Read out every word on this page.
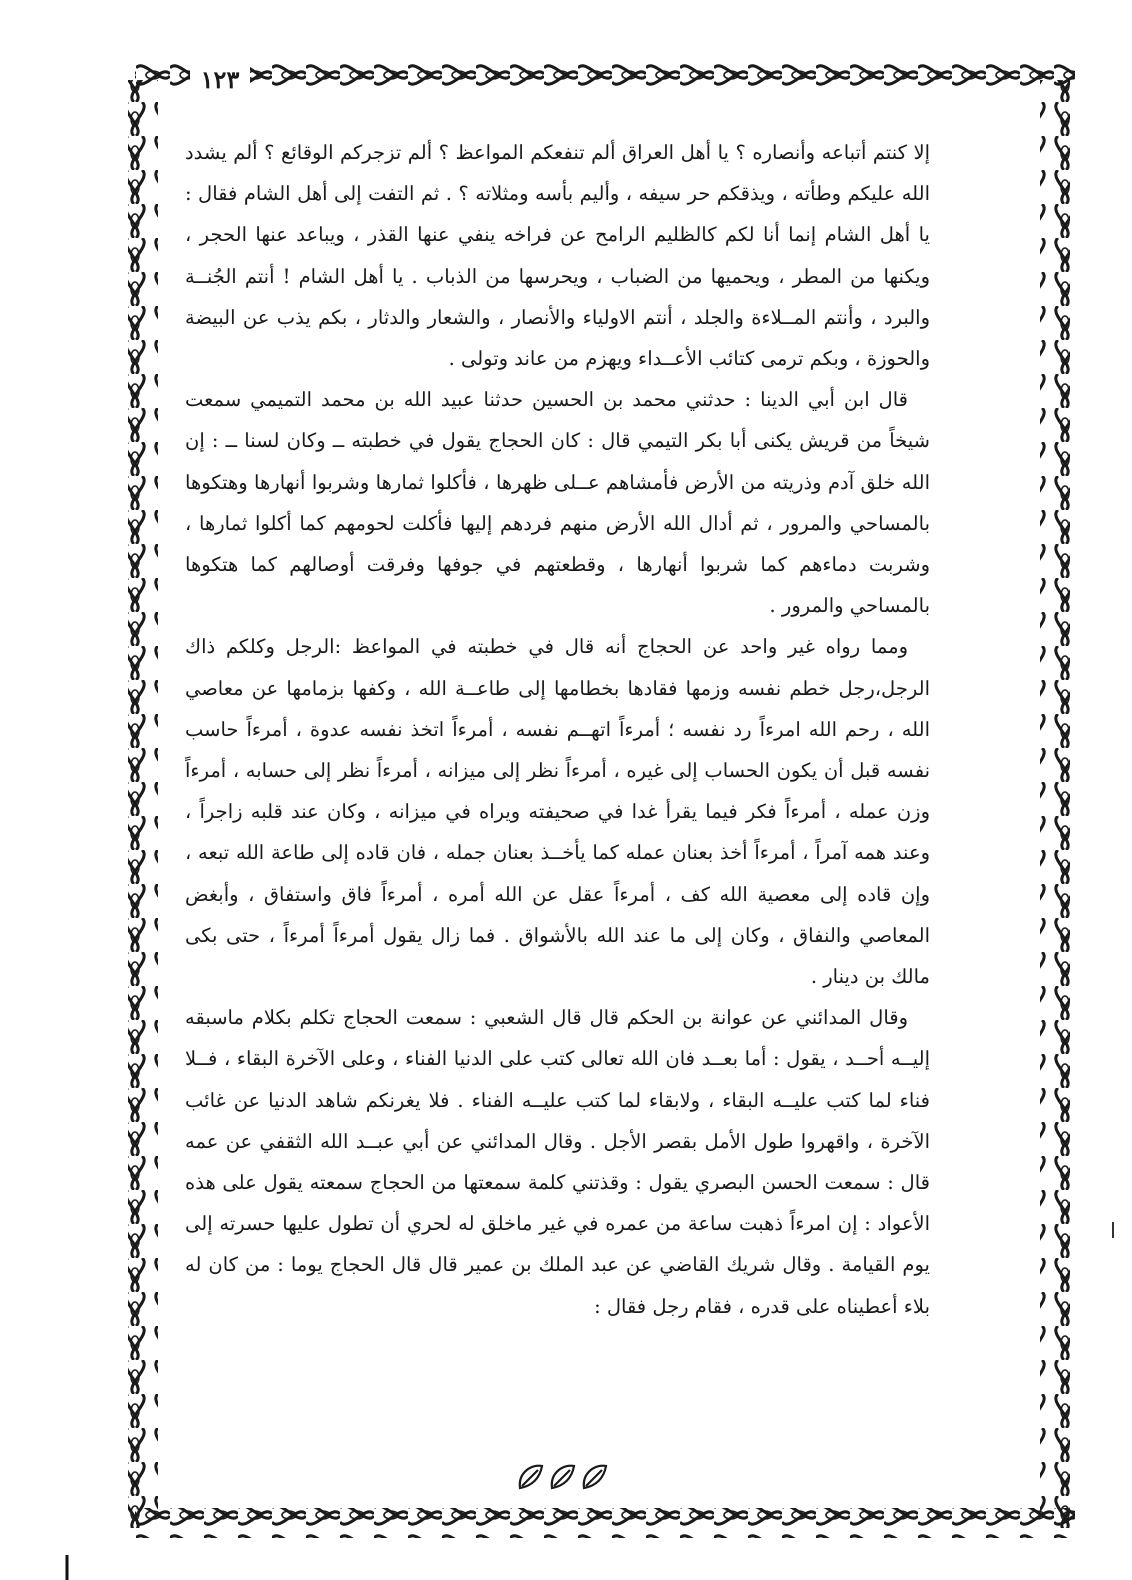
١٢٣

إلا كنتم أتباعه وأنصاره ؟ يا أهل العراق ألم تنفعكم المواعظ ؟ ألم تزجركم الوقائع ؟ ألم يشدد الله عليكم وطأته ، ويذقكم حر سيفه ، وأليم بأسه ومثلاته ؟ . ثم التفت إلى أهل الشام فقال : يا أهل الشام إنما أنا لكم كالظليم الرامح عن فراخه ينفي عنها القذر ، ويباعد عنها الحجر ، ويكنها من المطر ، ويحميها من الضباب ، ويحرسها من الذباب . يا أهل الشام ! أنتم الجُنــة والبرد ، وأنتم المــلاءة والجلد ، أنتم الاولياء والأنصار ، والشعار والدثار ، بكم يذب عن البيضة والحوزة ، وبكم ترمى كتائب الأعــداء ويهزم من عاند وتولى .

قال ابن أبي الدينا : حدثني محمد بن الحسين حدثنا عبيد الله بن محمد التميمي سمعت شيخاً من قريش يكنى أبا بكر التيمي قال : كان الحجاج يقول في خطبته ــ وكان لسنا ــ : إن الله خلق آدم وذريته من الأرض فأمشاهم عــلى ظهرها ، فأكلوا ثمارها وشربوا أنهارها وهتكوها بالمساحي والمرور ، ثم أدال الله الأرض منهم فردهم إليها فأكلت لحومهم كما أكلوا ثمارها ، وشربت دماءهم كما شربوا أنهارها ، وقطعتهم في جوفها وفرقت أوصالهم كما هتكوها بالمساحي والمرور .

ومما رواه غير واحد عن الحجاج أنه قال في خطبته في المواعظ :الرجل وكلكم ذاك الرجل،رجل خطم نفسه وزمها فقادها بخطامها إلى طاعــة الله ، وكفها بزمامها عن معاصي الله ، رحم الله امرءاً رد نفسه ؛ أمرءاً اتهــم نفسه ، أمرءاً اتخذ نفسه عدوة ، أمرءاً حاسب نفسه قبل أن يكون الحساب إلى غيره ، أمرءاً نظر إلى ميزانه ، أمرءاً نظر إلى حسابه ، أمرءاً وزن عمله ، أمرءاً فكر فيما يقرأ غدا في صحيفته ويراه في ميزانه ، وكان عند قلبه زاجراً ، وعند همه آمراً ، أمرءاً أخذ بعنان عمله كما يأخــذ بعنان جمله ، فان قاده إلى طاعة الله تبعه ، وإن قاده إلى معصية الله كف ، أمرءاً عقل عن الله أمره ، أمرءاً فاق واستفاق ، وأبغض المعاصي والنفاق ، وكان إلى ما عند الله بالأشواق . فما زال يقول أمرءاً أمرءاً ، حتى بكى مالك بن دينار .

وقال المدائني عن عوانة بن الحكم قال قال الشعبي : سمعت الحجاج تكلم بكلام ماسبقه إليــه أحــد ، يقول : أما بعــد فان الله تعالى كتب على الدنيا الفناء ، وعلى الآخرة البقاء ، فــلا فناء لما كتب عليــه البقاء ، ولابقاء لما كتب عليــه الفناء . فلا يغرنكم شاهد الدنيا عن غائب الآخرة ، واقهروا طول الأمل بقصر الأجل . وقال المدائني عن أبي عبــد الله الثقفي عن عمه قال : سمعت الحسن البصري يقول : وقذتني كلمة سمعتها من الحجاج سمعته يقول على هذه الأعواد : إن امرءاً ذهبت ساعة من عمره في غير ماخلق له لحري أن تطول عليها حسرته إلى يوم القيامة . وقال شريك القاضي عن عبد الملك بن عمير قال قال الحجاج يوما : من كان له بلاء أعطيناه على قدره ، فقام رجل فقال :
